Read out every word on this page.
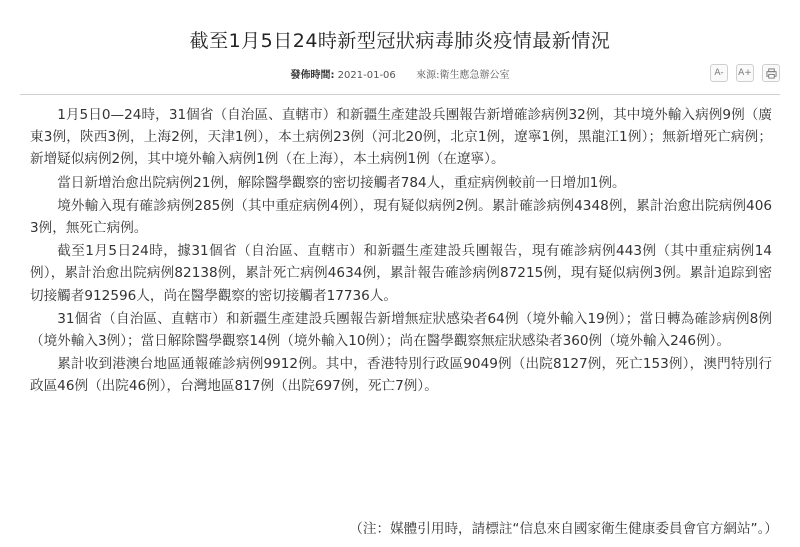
截至1月5日24時新型冠狀病毒肺炎疫情最新情況
發佈時間: 2021-01-06 來源:衛生應急辦公室	A- A+

1月5日0—24時，31個省（自治區、直轄市）和新疆生產建設兵團報告新增確診病例32例，其中境外輸入病例9例（廣東3例，陝西3例，上海2例，天津1例），本土病例23例（河北20例，北京1例，遼寧1例，黑龍江1例）；無新增死亡病例；新增疑似病例2例，其中境外輸入病例1例（在上海），本土病例1例（在遼寧）。

當日新增治愈出院病例21例，解除醫學觀察的密切接觸者784人，重症病例較前一日增加1例。

境外輸入現有確診病例285例（其中重症病例4例），現有疑似病例2例。累計確診病例4348例，累計治愈出院病例4063例，無死亡病例。

截至1月5日24時，據31個省（自治區、直轄市）和新疆生產建設兵團報告，現有確診病例443例（其中重症病例14例），累計治愈出院病例82138例，累計死亡病例4634例，累計報告確診病例87215例，現有疑似病例3例。累計追踪到密切接觸者912596人，尚在醫學觀察的密切接觸者17736人。

31個省（自治區、直轄市）和新疆生產建設兵團報告新增無症狀感染者64例（境外輸入19例）；當日轉為確診病例8例（境外輸入3例）；當日解除醫學觀察14例（境外輸入10例）；尚在醫學觀察無症狀感染者360例（境外輸入246例）。

累計收到港澳台地區通報確診病例9912例。其中，香港特別行政區9049例（出院8127例，死亡153例），澳門特別行政區46例（出院46例），台灣地區817例（出院697例，死亡7例）。

（注：媒體引用時，請標註“信息來自國家衛生健康委員會官方網站”。）
